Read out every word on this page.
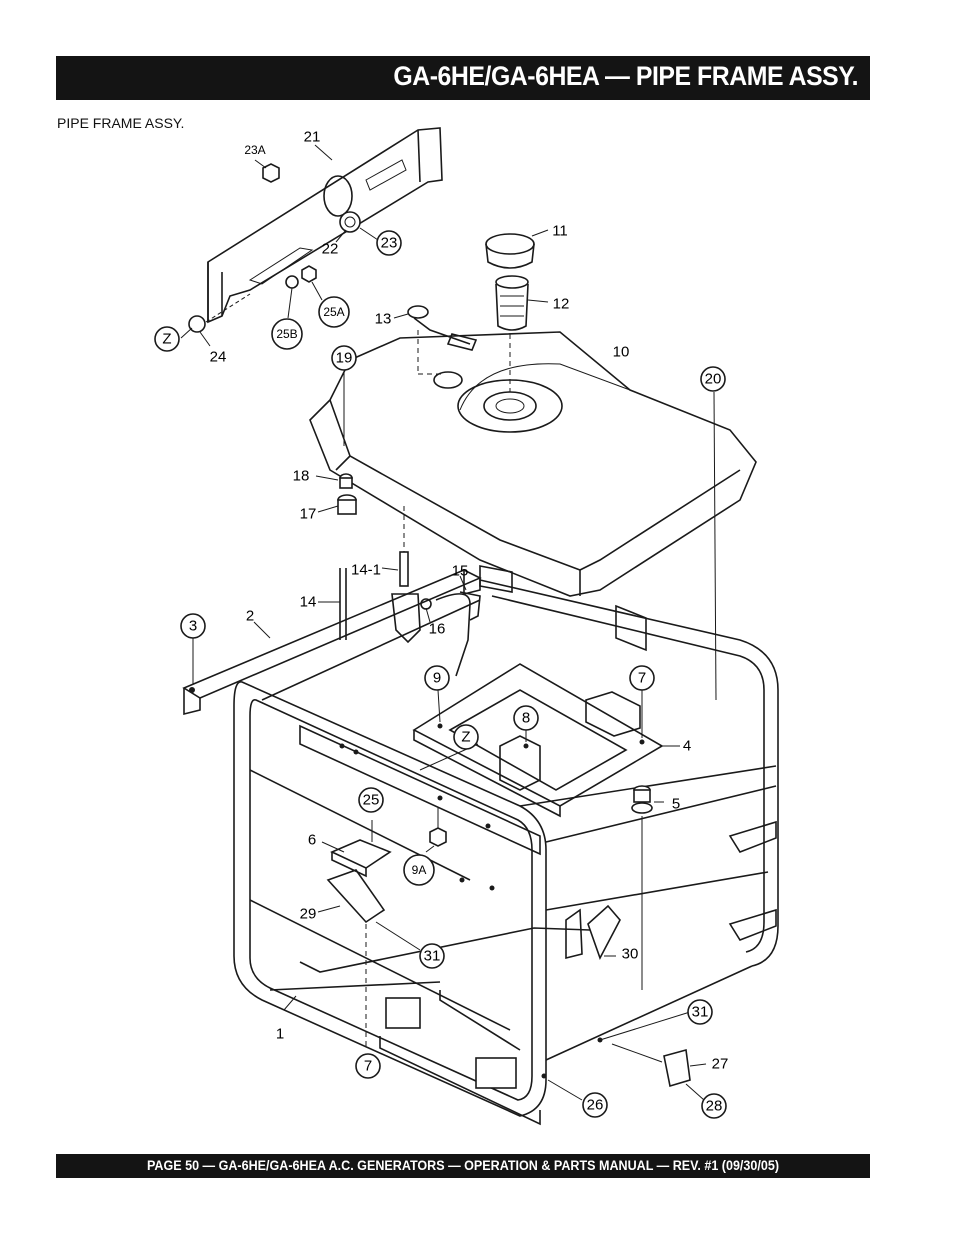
GA-6HE/GA-6HEA — PIPE FRAME ASSY.
PIPE FRAME ASSY.
21
23A
23
22
11
12
13
Z
24
25B
25A
19	10
20
18
17
14-1	15
14
16
3
2
9	7
8
4
Z
25	5
6
9A
29
31	30
31
1
7	27
26	28
PAGE 50 — GA-6HE/GA-6HEA A.C. GENERATORS — OPERATION & PARTS MANUAL — REV. #1 (09/30/05)
